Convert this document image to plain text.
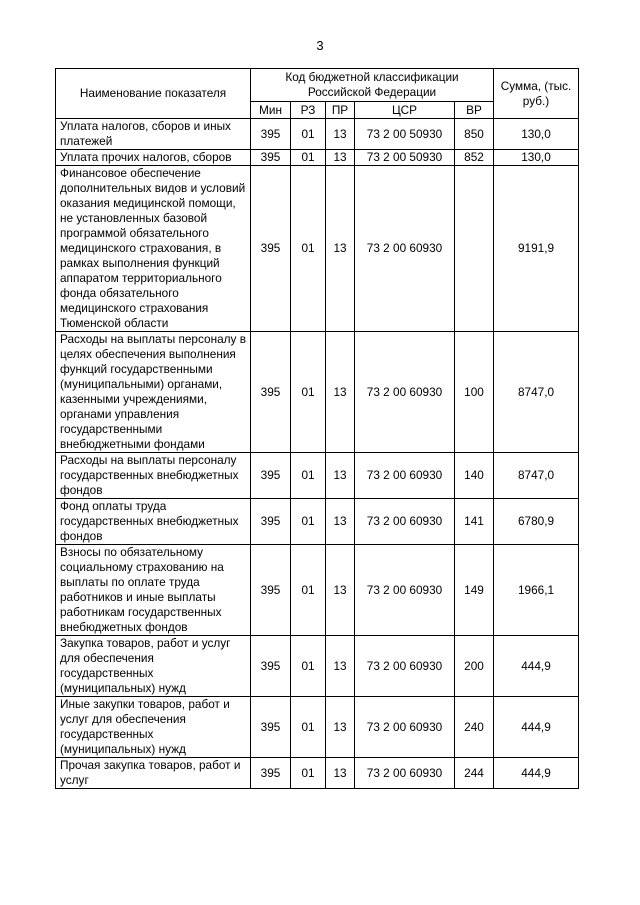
3
Наименование показателя	Код бюджетной классификации Российской Федерации					Сумма, (тыс. руб.)
	Мин	РЗ	ПР	ЦСР	ВР	
Уплата налогов, сборов и иных платежей	395	01	13	73 2 00 50930	850	130,0
Уплата прочих налогов, сборов	395	01	13	73 2 00 50930	852	130,0
Финансовое обеспечение дополнительных видов и условий оказания медицинской помощи, не установленных базовой программой обязательного медицинского страхования, в рамках выполнения функций аппаратом территориального фонда обязательного медицинского страхования Тюменской области	395	01	13	73 2 00 60930		9191,9
Расходы на выплаты персоналу в целях обеспечения выполнения функций государственными (муниципальными) органами, казенными учреждениями, органами управления государственными внебюджетными фондами	395	01	13	73 2 00 60930	100	8747,0
Расходы на выплаты персоналу государственных внебюджетных фондов	395	01	13	73 2 00 60930	140	8747,0
Фонд оплаты труда государственных внебюджетных фондов	395	01	13	73 2 00 60930	141	6780,9
Взносы по обязательному социальному страхованию на выплаты по оплате труда работников и иные выплаты работникам государственных внебюджетных фондов	395	01	13	73 2 00 60930	149	1966,1
Закупка товаров, работ и услуг для обеспечения государственных (муниципальных) нужд	395	01	13	73 2 00 60930	200	444,9
Иные закупки товаров, работ и услуг для обеспечения государственных (муниципальных) нужд	395	01	13	73 2 00 60930	240	444,9
Прочая закупка товаров, работ и услуг	395	01	13	73 2 00 60930	244	444,9
